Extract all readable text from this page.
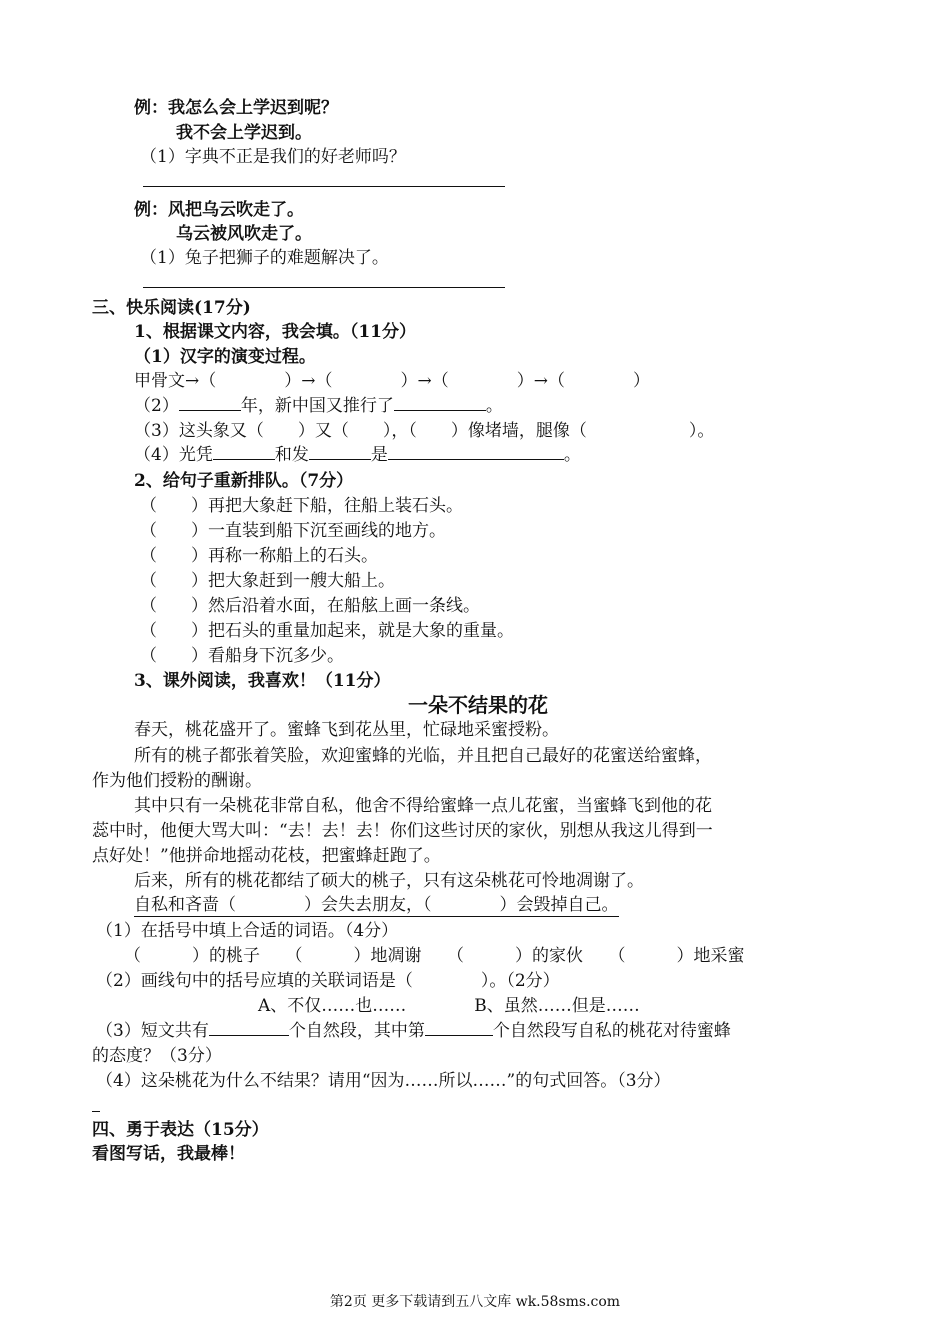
例：我怎么会上学迟到呢？
我不会上学迟到。
（1）字典不正是我们的好老师吗？
例：风把乌云吹走了。
乌云被风吹走了。
（1）兔子把狮子的难题解决了。
三、快乐阅读(17分)
1、根据课文内容，我会填。（11分）
（1）汉字的演变过程。
甲骨文→（　　　　）→（　　　　）→（　　　　）→（　　　　）
（2）	年，新中国又推行了	。
（3）这头象又（　　）又（　　），（　　）像堵墙，腿像（　　　　　　）。
（4）光凭	和发	是	。
2、给句子重新排队。（7分）
（　　）再把大象赶下船，往船上装石头。
（　　）一直装到船下沉至画线的地方。
（　　）再称一称船上的石头。
（　　）把大象赶到一艘大船上。
（　　）然后沿着水面，在船舷上画一条线。
（　　）把石头的重量加起来，就是大象的重量。
（　　）看船身下沉多少。
3、课外阅读，我喜欢！（11分）
一朵不结果的花
春天，桃花盛开了。蜜蜂飞到花丛里，忙碌地采蜜授粉。
所有的桃子都张着笑脸，欢迎蜜蜂的光临，并且把自己最好的花蜜送给蜜蜂，
作为他们授粉的酬谢。
其中只有一朵桃花非常自私，他舍不得给蜜蜂一点儿花蜜，当蜜蜂飞到他的花
蕊中时，他便大骂大叫：“去！去！去！你们这些讨厌的家伙，别想从我这儿得到一
点好处！”他拼命地摇动花枝，把蜜蜂赶跑了。
后来，所有的桃花都结了硕大的桃子，只有这朵桃花可怜地凋谢了。
自私和吝啬（　　　　）会失去朋友，（　　　　）会毁掉自己。
（1）在括号中填上合适的词语。（4分）
（　　　）的桃子　　（　　　）地凋谢　　（　　　）的家伙　　（　　　）地采蜜
（2）画线句中的括号应填的关联词语是（　　　　）。（2分）
A、不仅……也……　　　　B、虽然……但是……
（3）短文共有	个自然段，其中第	个自然段写自私的桃花对待蜜蜂
的态度？（3分）
（4）这朵桃花为什么不结果？请用“因为……所以……”的句式回答。（3分）
四、勇于表达（15分）
看图写话，我最棒！
第2页 更多下载请到五八文库 wk.58sms.com
